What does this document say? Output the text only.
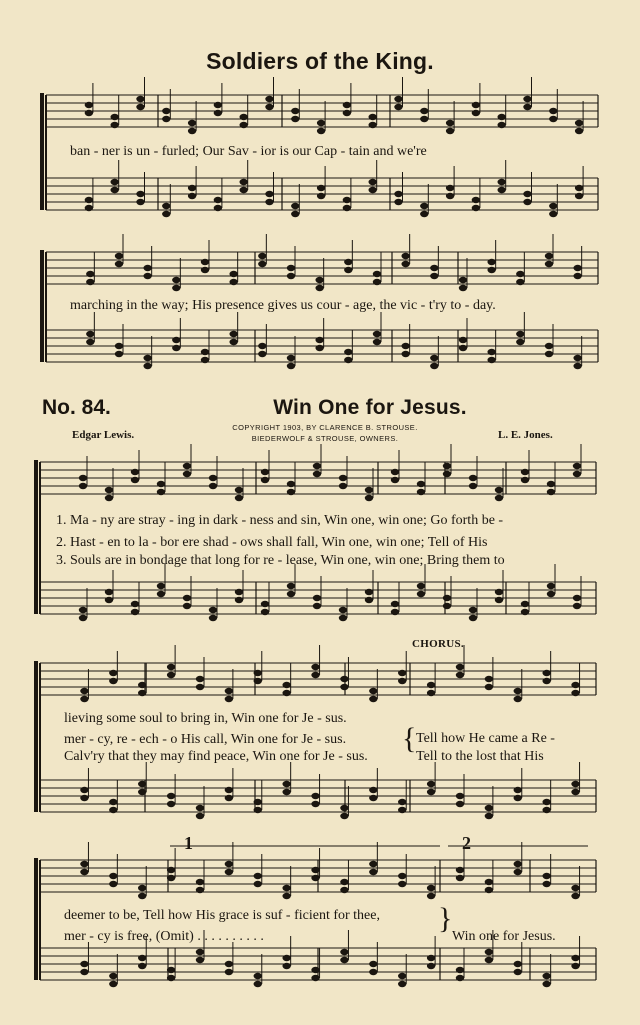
Soldiers of the King.
No. 84.	Win One for Jesus.
Edgar Lewis.	L. E. Jones.
COPYRIGHT 1903, BY CLARENCE B. STROUSE.
BIEDERWOLF & STROUSE, OWNERS.
ban - ner is un - furled; Our Sav - ior is our Cap - tain and we're
marching in the way; His presence gives us cour - age, the vic - t'ry to - day.
1. Ma - ny are stray - ing in dark - ness and sin, Win one, win one; Go forth be -
2. Hast - en to la - bor ere shad - ows shall fall, Win one, win one; Tell of His
3. Souls are in bondage that long for re - lease, Win one, win one; Bring them to
CHORUS.
lieving some soul to bring in, Win one for Je - sus.
mer - cy, re - ech - o His call, Win one for Je - sus.
Calv'ry that they may find peace, Win one for Je - sus.
{ Tell how He came a Re -
Tell to the lost that His
deemer to be, Tell how His grace is suf - ficient for thee,
mer - cy is free, (Omit) . . . . . . . . . .
}
Win one for Jesus.
1	2
